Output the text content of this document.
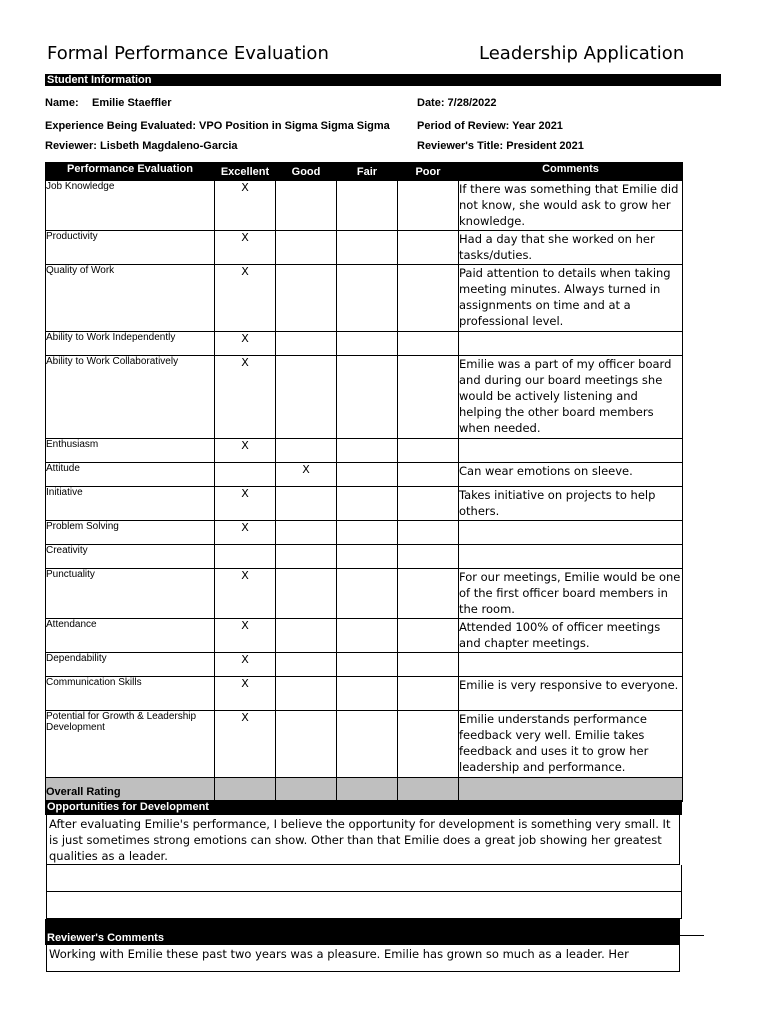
Formal Performance Evaluation	Leadership Application
Student Information
Name: Emilie Staeffler	Date: 7/28/2022
Experience Being Evaluated: VPO Position in Sigma Sigma Sigma Period of Review: Year 2021
Reviewer: Lisbeth Magdaleno-Garcia	Reviewer's Title: President 2021
Performance Evaluation	Excellent	Good	Fair	Poor	Comments
Job Knowledge	X				If there was something that Emilie did not know, she would ask to grow her knowledge.
Productivity	X				Had a day that she worked on her tasks/duties.
Quality of Work	X				Paid attention to details when taking meeting minutes. Always turned in assignments on time and at a professional level.
Ability to Work Independently	X				
Ability to Work Collaboratively	X				Emilie was a part of my officer board and during our board meetings she would be actively listening and helping the other board members when needed.
Enthusiasm	X				
Attitude		X			Can wear emotions on sleeve.
Initiative	X				Takes initiative on projects to help others.
Problem Solving	X				
Creativity					
Punctuality	X				For our meetings, Emilie would be one of the first officer board members in the room.
Attendance	X				Attended 100% of officer meetings and chapter meetings.
Dependability	X				
Communication Skills	X				Emilie is very responsive to everyone.
Potential for Growth & Leadership Development	X				Emilie understands performance feedback very well. Emilie takes feedback and uses it to grow her leadership and performance.
Overall Rating					
Opportunities for Development
After evaluating Emilie's performance, I believe the opportunity for development is something very small. It is just sometimes strong emotions can show. Other than that Emilie does a great job showing her greatest qualities as a leader.
Reviewer's Comments
Working with Emilie these past two years was a pleasure. Emilie has grown so much as a leader. Her
